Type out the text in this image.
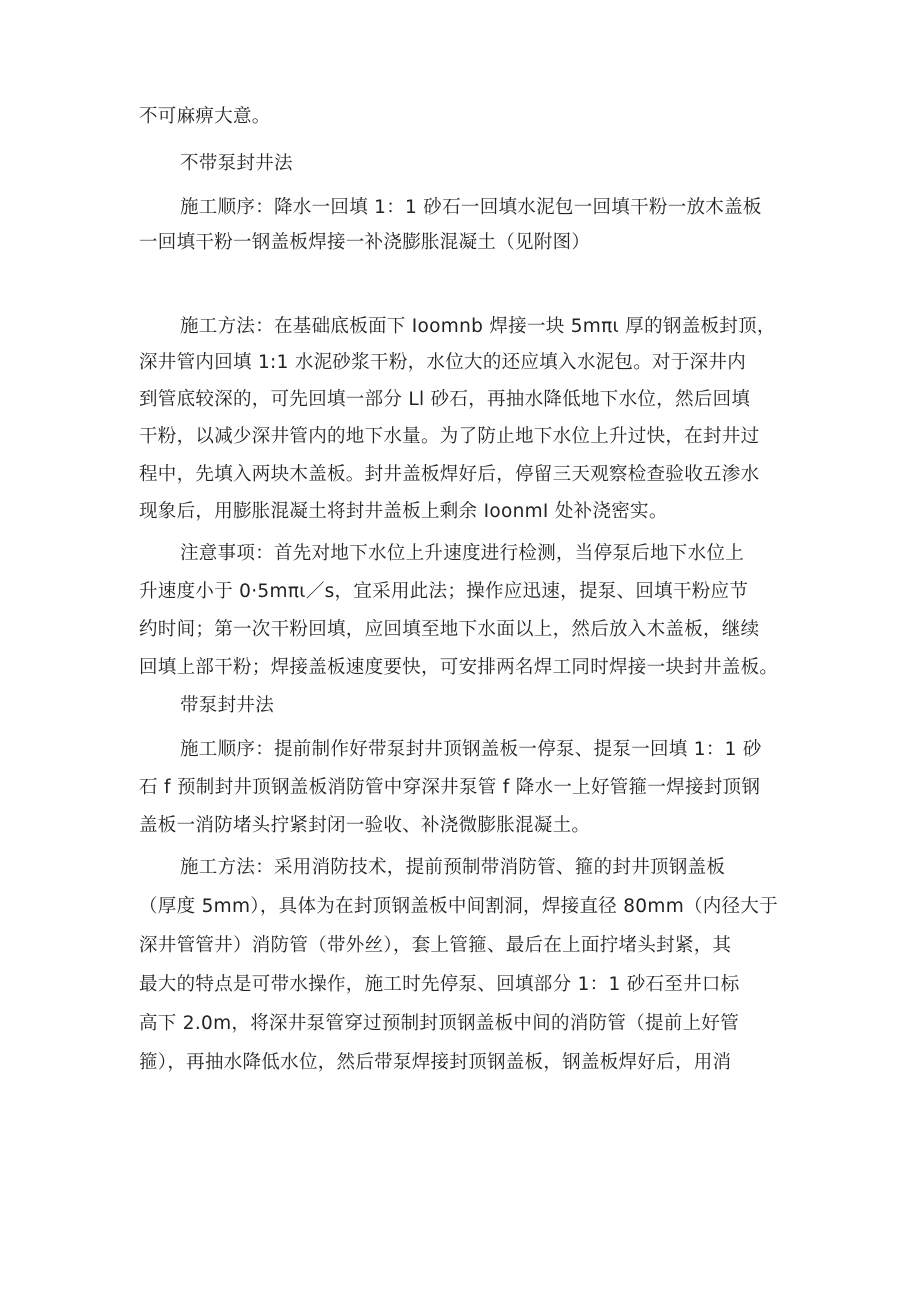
不可麻痹大意。
不带泵封井法
施工顺序：降水一回填 1：1 砂石一回填水泥包一回填干粉一放木盖板
一回填干粉一钢盖板焊接一补浇膨胀混凝土（见附图）
施工方法：在基础底板面下 Ioomnb 焊接一块 5mπι 厚的钢盖板封顶，
深井管内回填 1:1 水泥砂浆干粉，水位大的还应填入水泥包。对于深井内
到管底较深的，可先回填一部分 Ll 砂石，再抽水降低地下水位，然后回填
干粉，以减少深井管内的地下水量。为了防止地下水位上升过快，在封井过
程中，先填入两块木盖板。封井盖板焊好后，停留三天观察检查验收五渗水
现象后，用膨胀混凝土将封井盖板上剩余 IoonmI 处补浇密实。
注意事项：首先对地下水位上升速度进行检测，当停泵后地下水位上
升速度小于 0·5mπι／s，宜采用此法；操作应迅速，提泵、回填干粉应节
约时间；第一次干粉回填，应回填至地下水面以上，然后放入木盖板，继续
回填上部干粉；焊接盖板速度要快，可安排两名焊工同时焊接一块封井盖板。
带泵封井法
施工顺序：提前制作好带泵封井顶钢盖板一停泵、提泵一回填 1：1 砂
石 f 预制封井顶钢盖板消防管中穿深井泵管 f 降水一上好管箍一焊接封顶钢
盖板一消防堵头拧紧封闭一验收、补浇微膨胀混凝土。
施工方法：采用消防技术，提前预制带消防管、箍的封井顶钢盖板
（厚度 5mm），具体为在封顶钢盖板中间割洞，焊接直径 80mm（内径大于
深井管管井）消防管（带外丝），套上管箍、最后在上面拧堵头封紧，其
最大的特点是可带水操作，施工时先停泵、回填部分 1：1 砂石至井口标
高下 2.0m，将深井泵管穿过预制封顶钢盖板中间的消防管（提前上好管
箍），再抽水降低水位，然后带泵焊接封顶钢盖板，钢盖板焊好后，用消
